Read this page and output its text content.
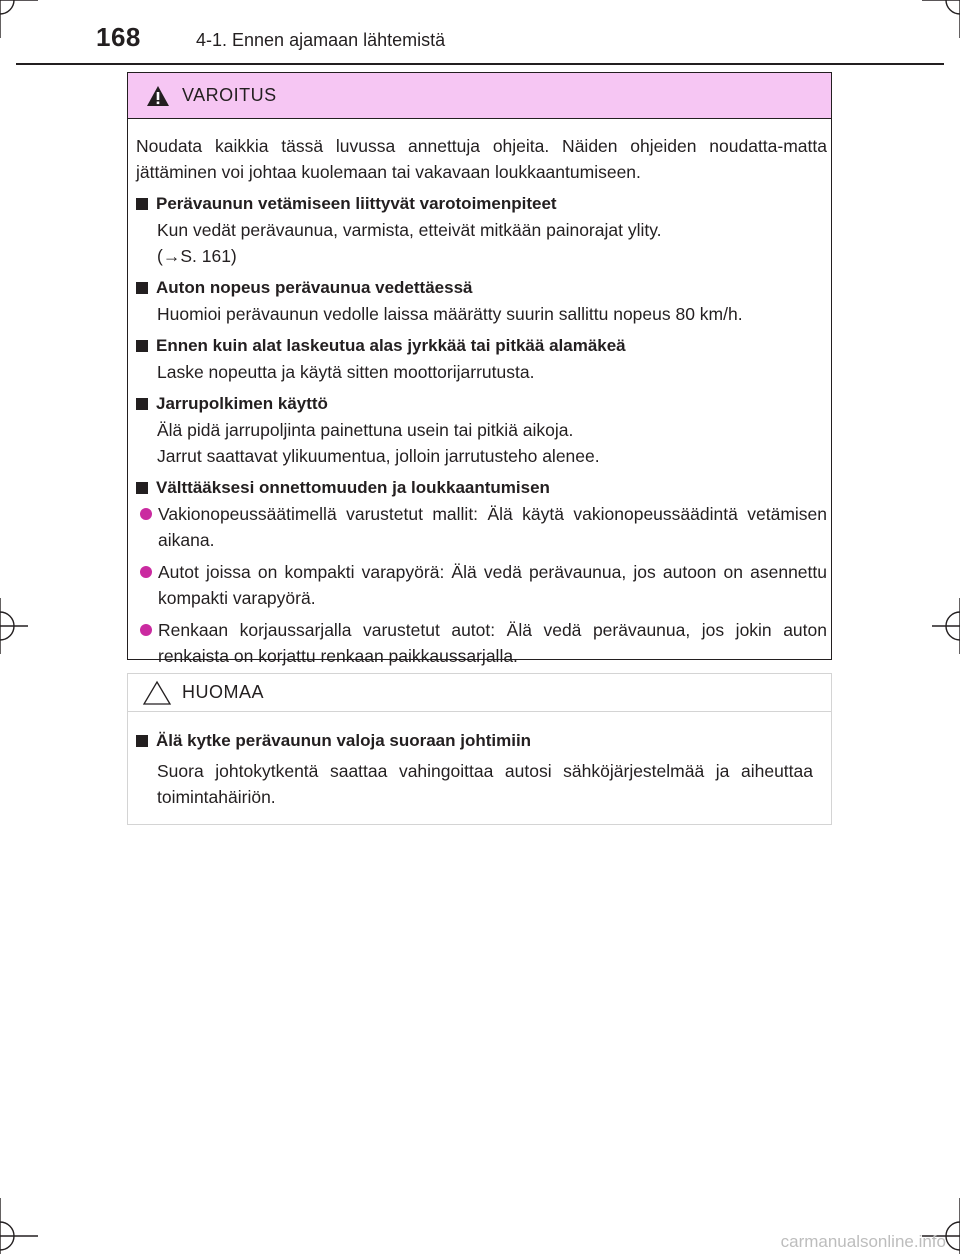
168	4-1. Ennen ajamaan lähtemistä
VAROITUS

Noudata kaikkia tässä luvussa annettuja ohjeita. Näiden ohjeiden noudatta-matta jättäminen voi johtaa kuolemaan tai vakavaan loukkaantumiseen.

Perävaunun vetämiseen liittyvät varotoimenpiteet
Kun vedät perävaunua, varmista, etteivät mitkään painorajat ylity.
(→S. 161)
Auton nopeus perävaunua vedettäessä
Huomioi perävaunun vedolle laissa määrätty suurin sallittu nopeus 80 km/h.
Ennen kuin alat laskeutua alas jyrkkää tai pitkää alamäkeä
Laske nopeutta ja käytä sitten moottorijarrutusta.
Jarrupolkimen käyttö
Älä pidä jarrupoljinta painettuna usein tai pitkiä aikoja.
Jarrut saattavat ylikuumentua, jolloin jarrutusteho alenee.
Välttääksesi onnettomuuden ja loukkaantumisen
Vakionopeussäätimellä varustetut mallit: Älä käytä vakionopeussäädintä vetämisen aikana.
Autot joissa on kompakti varapyörä: Älä vedä perävaunua, jos autoon on asennettu kompakti varapyörä.
Renkaan korjaussarjalla varustetut autot: Älä vedä perävaunua, jos jokin auton renkaista on korjattu renkaan paikkaussarjalla.
HUOMAA
Älä kytke perävaunun valoja suoraan johtimiin
Suora johtokytkentä saattaa vahingoittaa autosi sähköjärjestelmää ja aiheuttaa toimintahäiriön.
carmanualsonline.info
